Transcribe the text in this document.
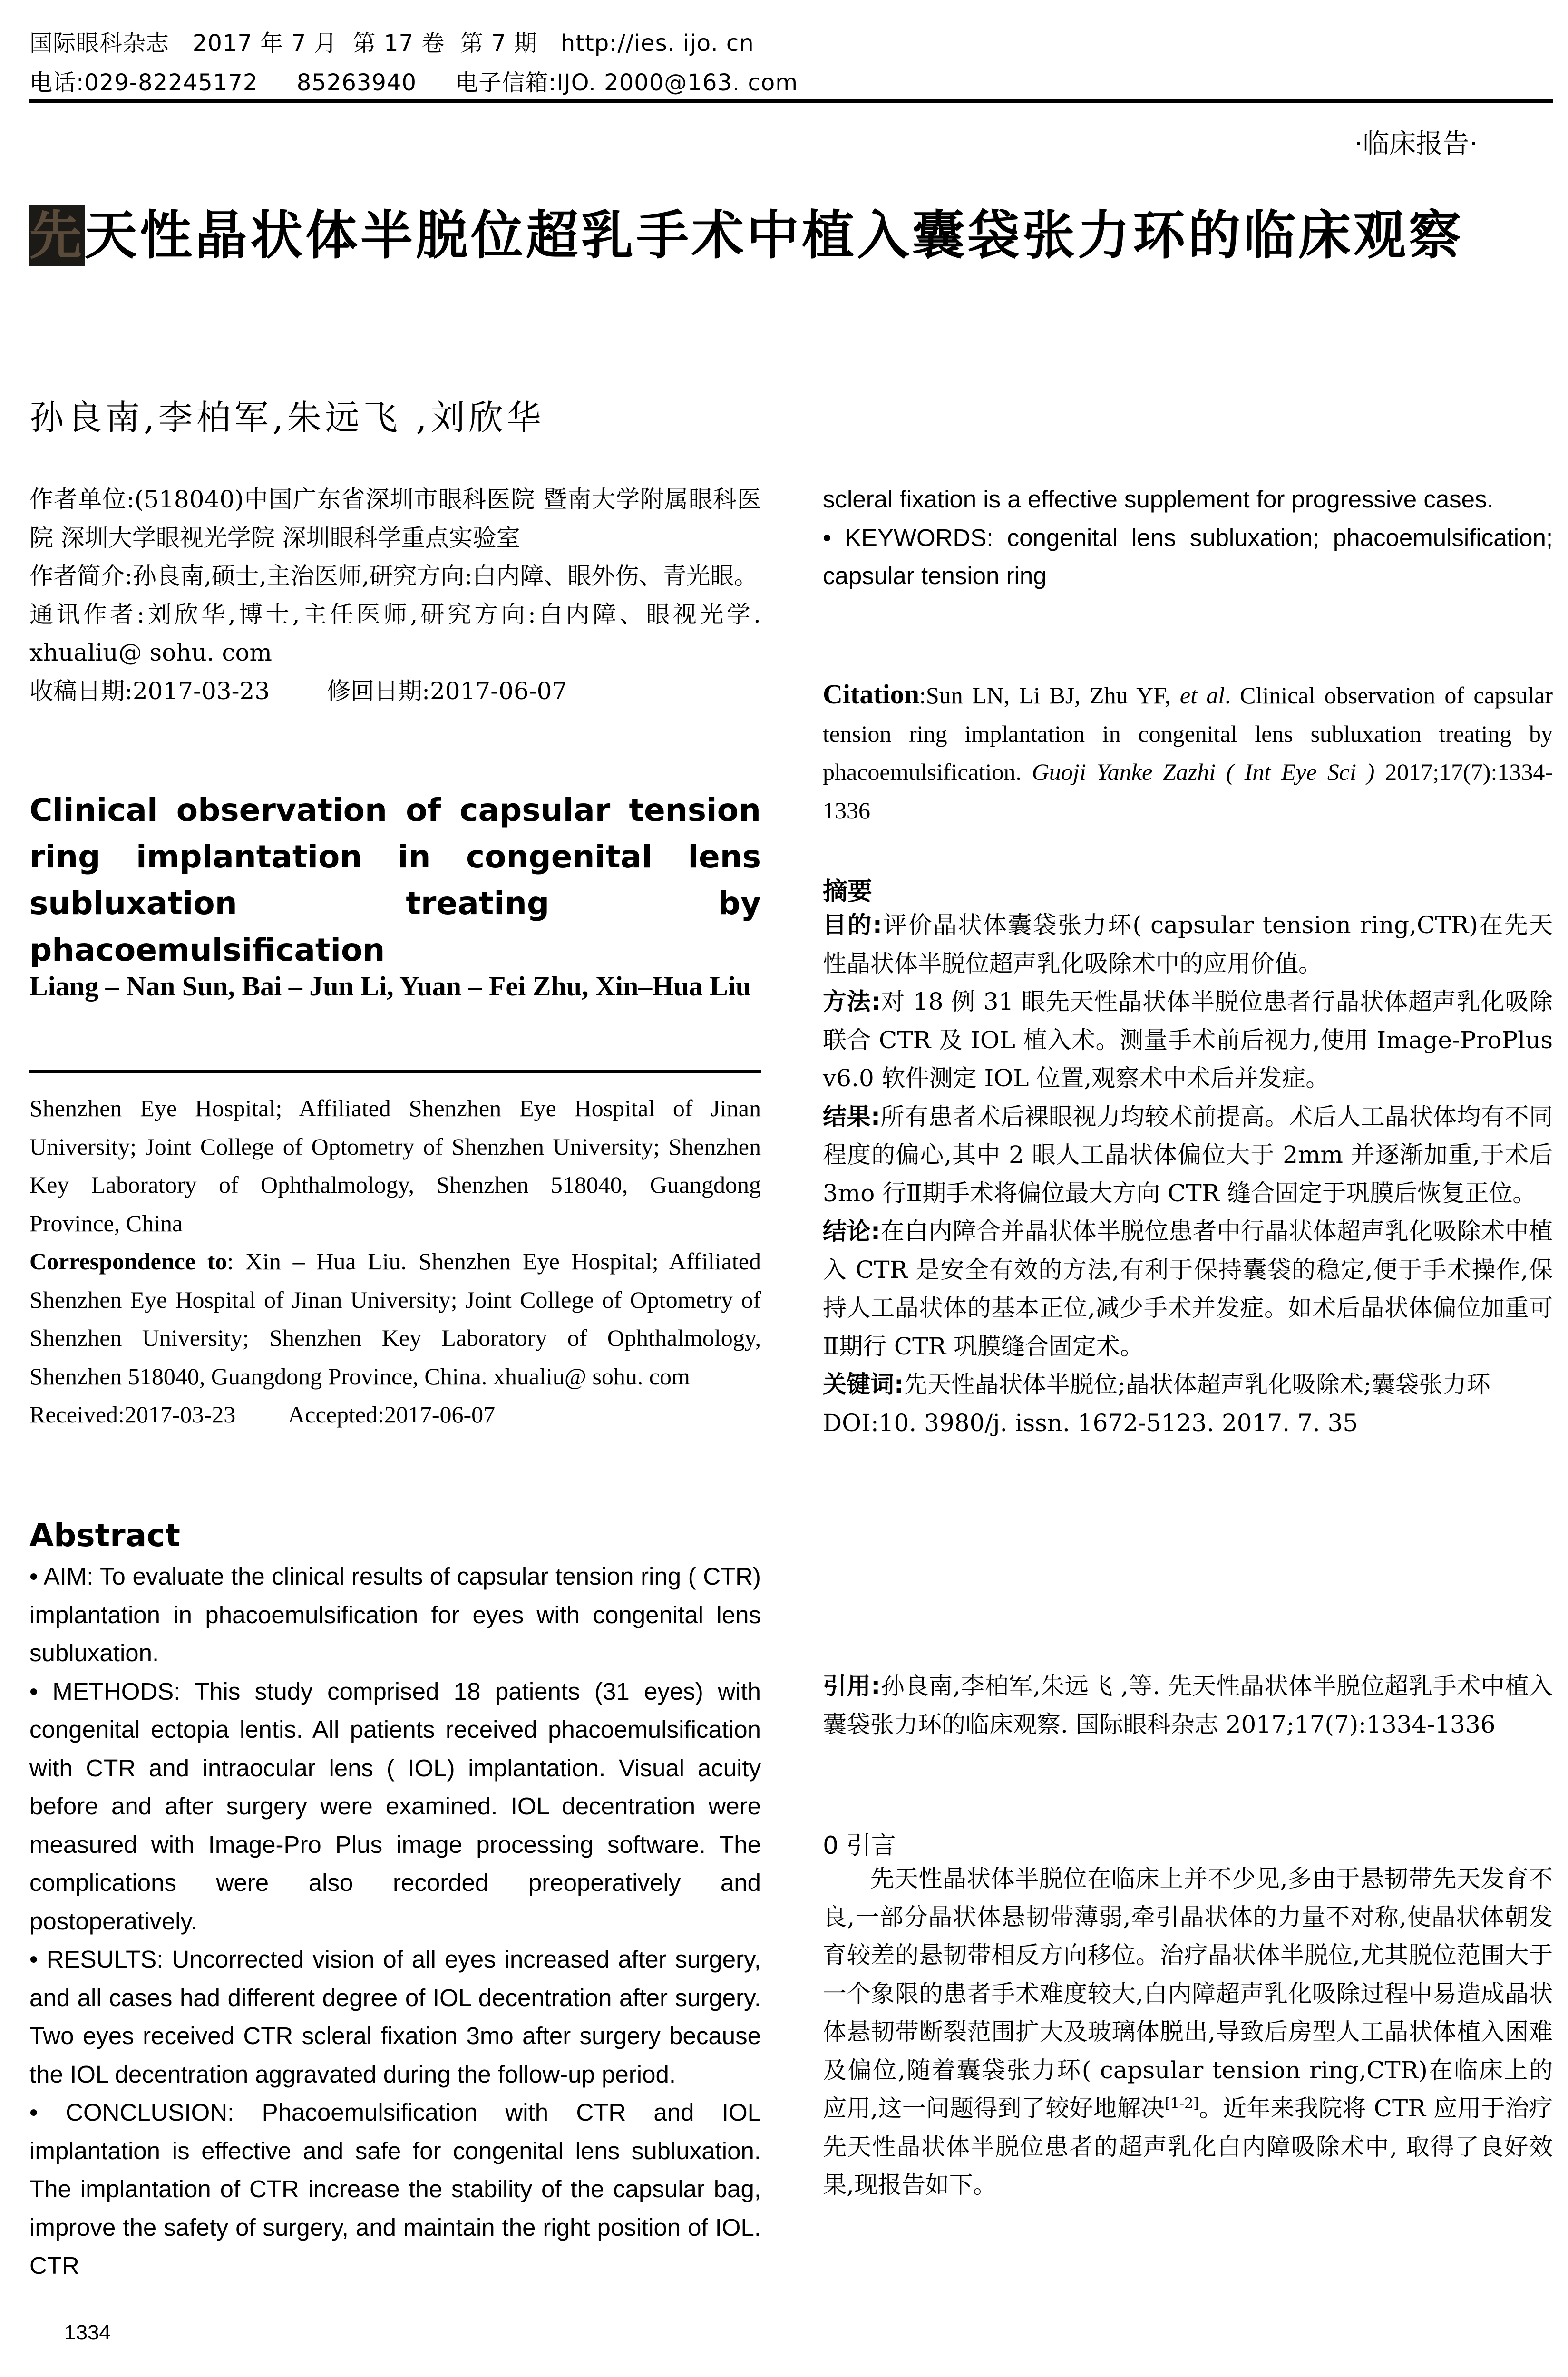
国际眼科杂志   2017 年 7 月  第 17 卷  第 7 期   http://ies. ijo. cn
电话:029-82245172     85263940     电子信箱:IJO. 2000@163. com
·临床报告·
先天性晶状体半脱位超乳手术中植入囊袋张力环的临床观察
孙良南,李柏军,朱远飞 ,刘欣华

作者单位:(518040)中国广东省深圳市眼科医院 暨南大学附属眼科医院 深圳大学眼视光学院 深圳眼科学重点实验室

作者简介:孙良南,硕士,主治医师,研究方向:白内障、眼外伤、青光眼。

通讯作者:刘欣华,博士,主任医师,研究方向:白内障、眼视光学. xhualiu@ sohu. com

收稿日期:2017-03-23 修回日期:2017-06-07

Clinical observation of capsular tension ring implantation in congenital lens subluxation treating by phacoemulsification
Liang – Nan Sun, Bai – Jun Li, Yuan – Fei Zhu, Xin–Hua Liu

Shenzhen Eye Hospital; Affiliated Shenzhen Eye Hospital of Jinan University; Joint College of Optometry of Shenzhen University; Shenzhen Key Laboratory of Ophthalmology, Shenzhen 518040, Guangdong Province, China

Correspondence to: Xin – Hua Liu. Shenzhen Eye Hospital; Affiliated Shenzhen Eye Hospital of Jinan University; Joint College of Optometry of Shenzhen University; Shenzhen Key Laboratory of Ophthalmology, Shenzhen 518040, Guangdong Province, China. xhualiu@ sohu. com

Received:2017-03-23 Accepted:2017-06-07

Abstract

• AIM: To evaluate the clinical results of capsular tension ring ( CTR) implantation in phacoemulsification for eyes with congenital lens subluxation.

• METHODS: This study comprised 18 patients (31 eyes) with congenital ectopia lentis. All patients received phacoemulsification with CTR and intraocular lens ( IOL) implantation. Visual acuity before and after surgery were examined. IOL decentration were measured with Image-Pro Plus image processing software. The complications were also recorded preoperatively and postoperatively.

• RESULTS: Uncorrected vision of all eyes increased after surgery, and all cases had different degree of IOL decentration after surgery. Two eyes received CTR scleral fixation 3mo after surgery because the IOL decentration aggravated during the follow-up period.

• CONCLUSION: Phacoemulsification with CTR and IOL implantation is effective and safe for congenital lens subluxation. The implantation of CTR increase the stability of the capsular bag, improve the safety of surgery, and maintain the right position of IOL. CTR

1334

scleral fixation is a effective supplement for progressive cases.

• KEYWORDS: congenital lens subluxation; phacoemulsification; capsular tension ring

Citation:Sun LN, Li BJ, Zhu YF, et al. Clinical observation of capsular tension ring implantation in congenital lens subluxation treating by phacoemulsification. Guoji Yanke Zazhi ( Int Eye Sci ) 2017;17(7):1334-1336
摘要

目的:评价晶状体囊袋张力环( capsular tension ring,CTR)在先天性晶状体半脱位超声乳化吸除术中的应用价值。

方法:对 18 例 31 眼先天性晶状体半脱位患者行晶状体超声乳化吸除联合 CTR 及 IOL 植入术。测量手术前后视力,使用 Image-ProPlus v6.0 软件测定 IOL 位置,观察术中术后并发症。

结果:所有患者术后裸眼视力均较术前提高。术后人工晶状体均有不同程度的偏心,其中 2 眼人工晶状体偏位大于 2mm 并逐渐加重,于术后 3mo 行Ⅱ期手术将偏位最大方向 CTR 缝合固定于巩膜后恢复正位。

结论:在白内障合并晶状体半脱位患者中行晶状体超声乳化吸除术中植入 CTR 是安全有效的方法,有利于保持囊袋的稳定,便于手术操作,保持人工晶状体的基本正位,减少手术并发症。如术后晶状体偏位加重可Ⅱ期行 CTR 巩膜缝合固定术。

关键词:先天性晶状体半脱位;晶状体超声乳化吸除术;囊袋张力环

DOI:10. 3980/j. issn. 1672-5123. 2017. 7. 35

引用:孙良南,李柏军,朱远飞 ,等. 先天性晶状体半脱位超乳手术中植入囊袋张力环的临床观察. 国际眼科杂志 2017;17(7):1334-1336
0 引言
先天性晶状体半脱位在临床上并不少见,多由于悬韧带先天发育不良,一部分晶状体悬韧带薄弱,牵引晶状体的力量不对称,使晶状体朝发育较差的悬韧带相反方向移位。治疗晶状体半脱位,尤其脱位范围大于一个象限的患者手术难度较大,白内障超声乳化吸除过程中易造成晶状体悬韧带断裂范围扩大及玻璃体脱出,导致后房型人工晶状体植入困难及偏位,随着囊袋张力环( capsular tension ring,CTR)在临床上的应用,这一问题得到了较好地解决[1-2]。近年来我院将 CTR 应用于治疗先天性晶状体半脱位患者的超声乳化白内障吸除术中, 取得了良好效果,现报告如下。
